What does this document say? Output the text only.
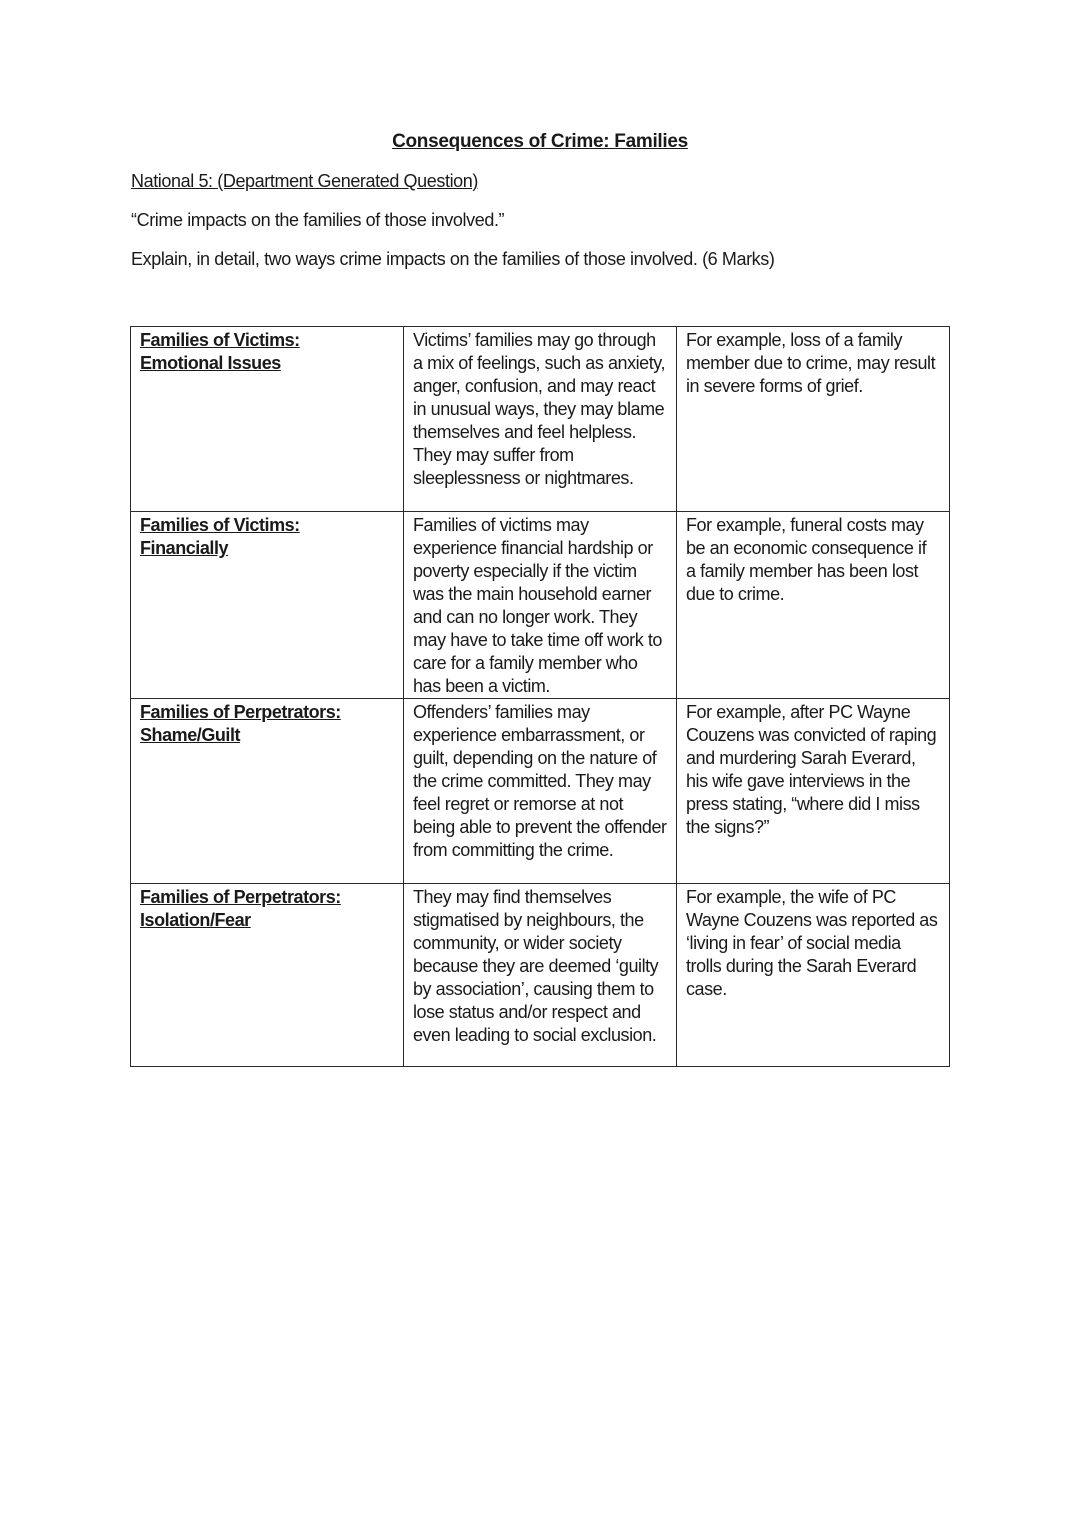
Consequences of Crime: Families
National 5: (Department Generated Question)
“Crime impacts on the families of those involved.”
Explain, in detail, two ways crime impacts on the families of those involved. (6 Marks)
Families of Victims:
Emotional Issues	Victims’ families may go through a mix of feelings, such as anxiety, anger, confusion, and may react in unusual ways, they may blame themselves and feel helpless. They may suffer from sleeplessness or nightmares.	For example, loss of a family member due to crime, may result in severe forms of grief.

Families of Victims:
Financially	Families of victims may experience financial hardship or poverty especially if the victim was the main household earner and can no longer work. They may have to take time off work to care for a family member who has been a victim.	For example, funeral costs may be an economic consequence if a family member has been lost due to crime.

Families of Perpetrators:
Shame/Guilt	Offenders’ families may experience embarrassment, or guilt, depending on the nature of the crime committed. They may feel regret or remorse at not being able to prevent the offender from committing the crime.	For example, after PC Wayne Couzens was convicted of raping and murdering Sarah Everard, his wife gave interviews in the press stating, “where did I miss the signs?”

Families of Perpetrators:
Isolation/Fear	They may find themselves stigmatised by neighbours, the community, or wider society because they are deemed ‘guilty by association’, causing them to lose status and/or respect and even leading to social exclusion.	For example, the wife of PC Wayne Couzens was reported as ‘living in fear’ of social media trolls during the Sarah Everard case.
